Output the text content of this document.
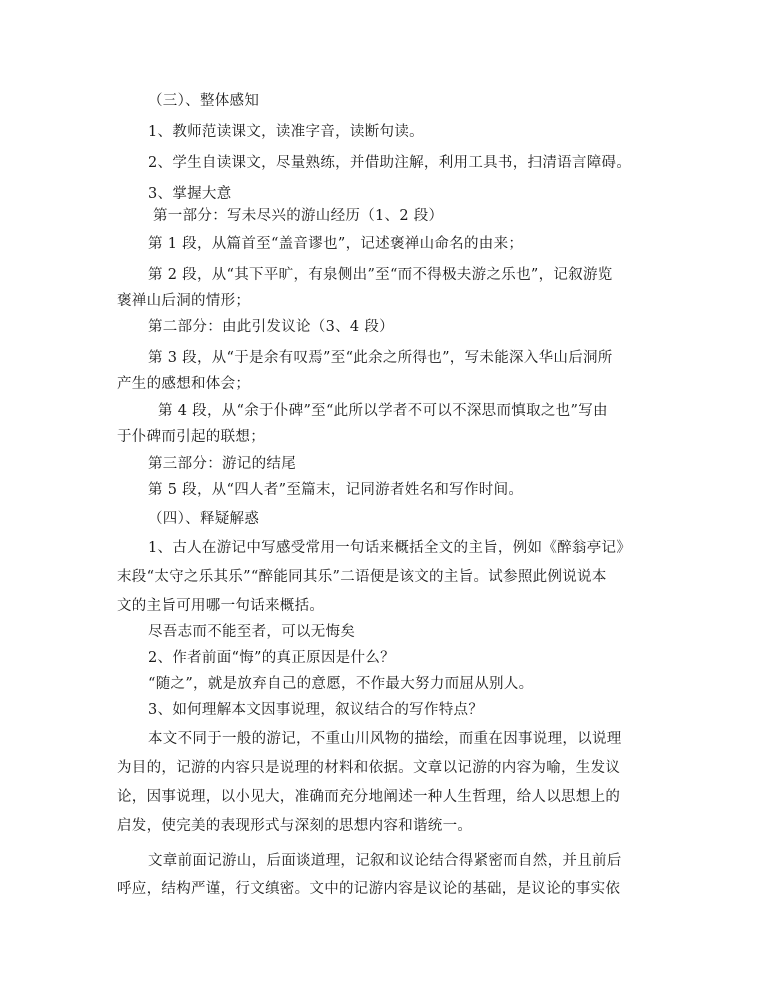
（三）、整体感知
1、教师范读课文，读准字音，读断句读。
2、学生自读课文，尽量熟练，并借助注解，利用工具书，扫清语言障碍。
3、掌握大意
第一部分：写未尽兴的游山经历（1、2 段）
第 1 段，从篇首至“盖音谬也”，记述褒禅山命名的由来；
第 2 段，从“其下平旷，有泉侧出”至“而不得极夫游之乐也”，记叙游览
褒禅山后洞的情形；
第二部分：由此引发议论（3、4 段）
第 3 段，从“于是余有叹焉”至“此余之所得也”，写未能深入华山后洞所
产生的感想和体会；
第 4 段，从“余于仆碑”至“此所以学者不可以不深思而慎取之也”写由
于仆碑而引起的联想；
第三部分：游记的结尾
第 5 段，从“四人者”至篇末，记同游者姓名和写作时间。
（四）、释疑解惑
1、古人在游记中写感受常用一句话来概括全文的主旨，例如《醉翁亭记》
末段“太守之乐其乐”“醉能同其乐”二语便是该文的主旨。试参照此例说说本
文的主旨可用哪一句话来概括。
尽吾志而不能至者，可以无悔矣
2、作者前面“悔”的真正原因是什么？
“随之”，就是放弃自己的意愿，不作最大努力而屈从别人。
3、如何理解本文因事说理，叙议结合的写作特点？
本文不同于一般的游记，不重山川风物的描绘，而重在因事说理，以说理
为目的，记游的内容只是说理的材料和依据。文章以记游的内容为喻，生发议
论，因事说理，以小见大，准确而充分地阐述一种人生哲理，给人以思想上的
启发，使完美的表现形式与深刻的思想内容和谐统一。
文章前面记游山，后面谈道理，记叙和议论结合得紧密而自然，并且前后
呼应，结构严谨，行文缜密。文中的记游内容是议论的基础，是议论的事实依
